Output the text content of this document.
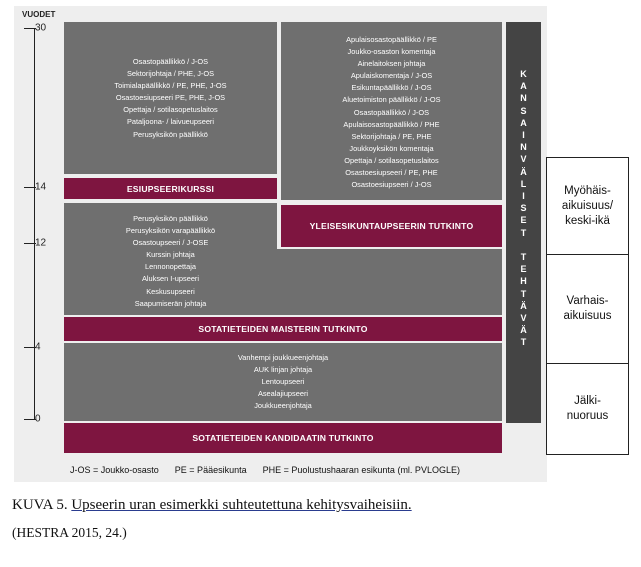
VUODET
30
14
12
4
0
Osastopäällikkö / J-OS
Sektorijohtaja / PHE, J-OS
Toimialapäällikkö / PE, PHE, J-OS
Osastoesiupseeri PE, PHE, J-OS
Opettaja / sotilasopetuslaitos
Pataljoona- / laivueupseeri
Perusyksikön päällikkö
Apulaisosastopäällikkö / PE
Joukko-osaston komentaja
Ainelaitoksen johtaja
Apulaiskomentaja / J-OS
Esikuntapäällikkö / J-OS
Aluetoimiston päällikkö / J-OS
Osastopäällikkö / J-OS
Apulaisosastopäällikkö / PHE
Sektorijohtaja / PE, PHE
Joukkoyksikön komentaja
Opettaja / sotilasopetuslaitos
Osastoesiupseeri / PE, PHE
Osastoesiupseeri / J-OS
ESIUPSEERIKURSSI
Perusyksikön päällikkö
Perusyksikön varapäällikkö
Osastoupseeri / J-OSE
Kurssin johtaja
Lennonopettaja
Aluksen I-upseeri
Keskusupseeri
Saapumiserän johtaja
YLEISESIKUNTAUPSEERIN TUTKINTO
SOTATIETEIDEN MAISTERIN TUTKINTO
Vanhempi joukkueenjohtaja
AUK linjan johtaja
Lentoupseeri
Asealajiupseeri
Joukkueenjohtaja
SOTATIETEIDEN KANDIDAATIN TUTKINTO
K
A
N
S
A
I
N
V
Ä
L
I
S
E
T

T
E
H
T
Ä
V
Ä
T
Myöhäis-
aikuisuus/
keski-ikä
Varhais-
aikuisuus
Jälki-
nuoruus
J-OS = Joukko-osasto PE = Pääesikunta PHE = Puolustushaaran esikunta (ml. PVLOGLE)
KUVA 5. Upseerin uran esimerkki suhteutettuna kehitysvaiheisiin.
(HESTRA 2015, 24.)
